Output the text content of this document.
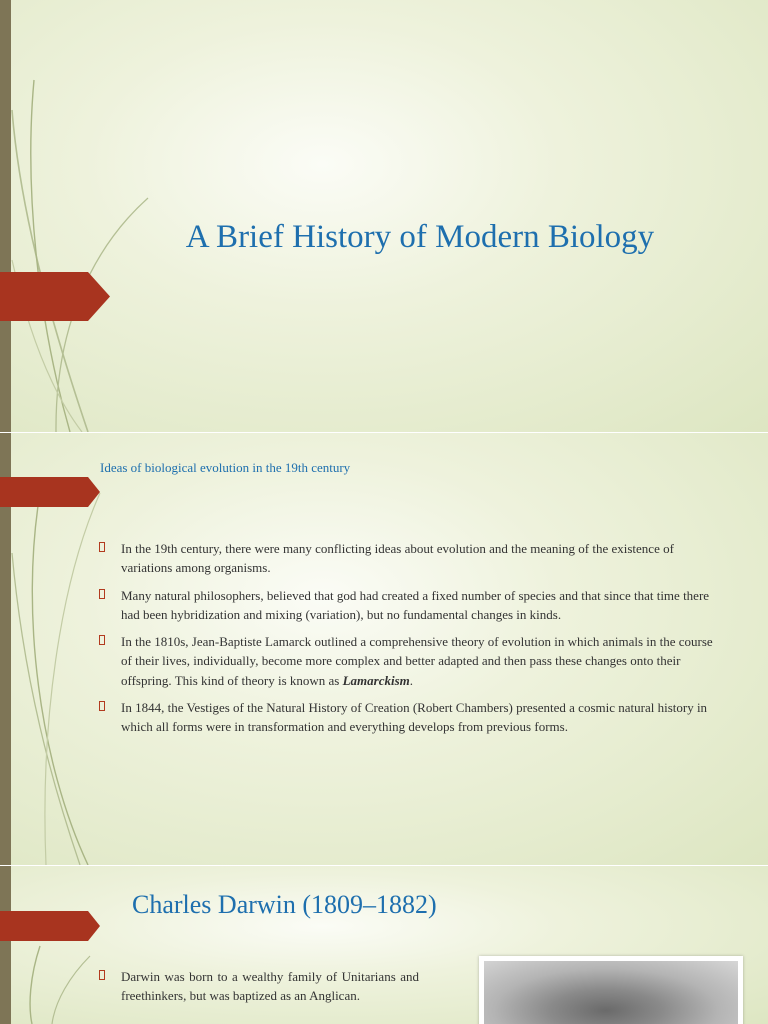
A Brief History of Modern Biology
Ideas of biological evolution in the 19th century
In the 19th century, there were many conflicting ideas about evolution and the meaning of the existence of variations among organisms.
Many natural philosophers, believed that god had created a fixed number of species and that since that time there had been hybridization and mixing (variation), but no fundamental changes in kinds.
In the 1810s, Jean-Baptiste Lamarck outlined a comprehensive theory of evolution in which animals in the course of their lives, individually, become more complex and better adapted and then pass these changes onto their offspring. This kind of theory is known as Lamarckism.
In 1844, the Vestiges of the Natural History of Creation (Robert Chambers) presented a cosmic natural history in which all forms were in transformation and everything develops from previous forms.
Charles Darwin (1809–1882)
Darwin was born to a wealthy family of Unitarians and freethinkers, but was baptized as an Anglican.
